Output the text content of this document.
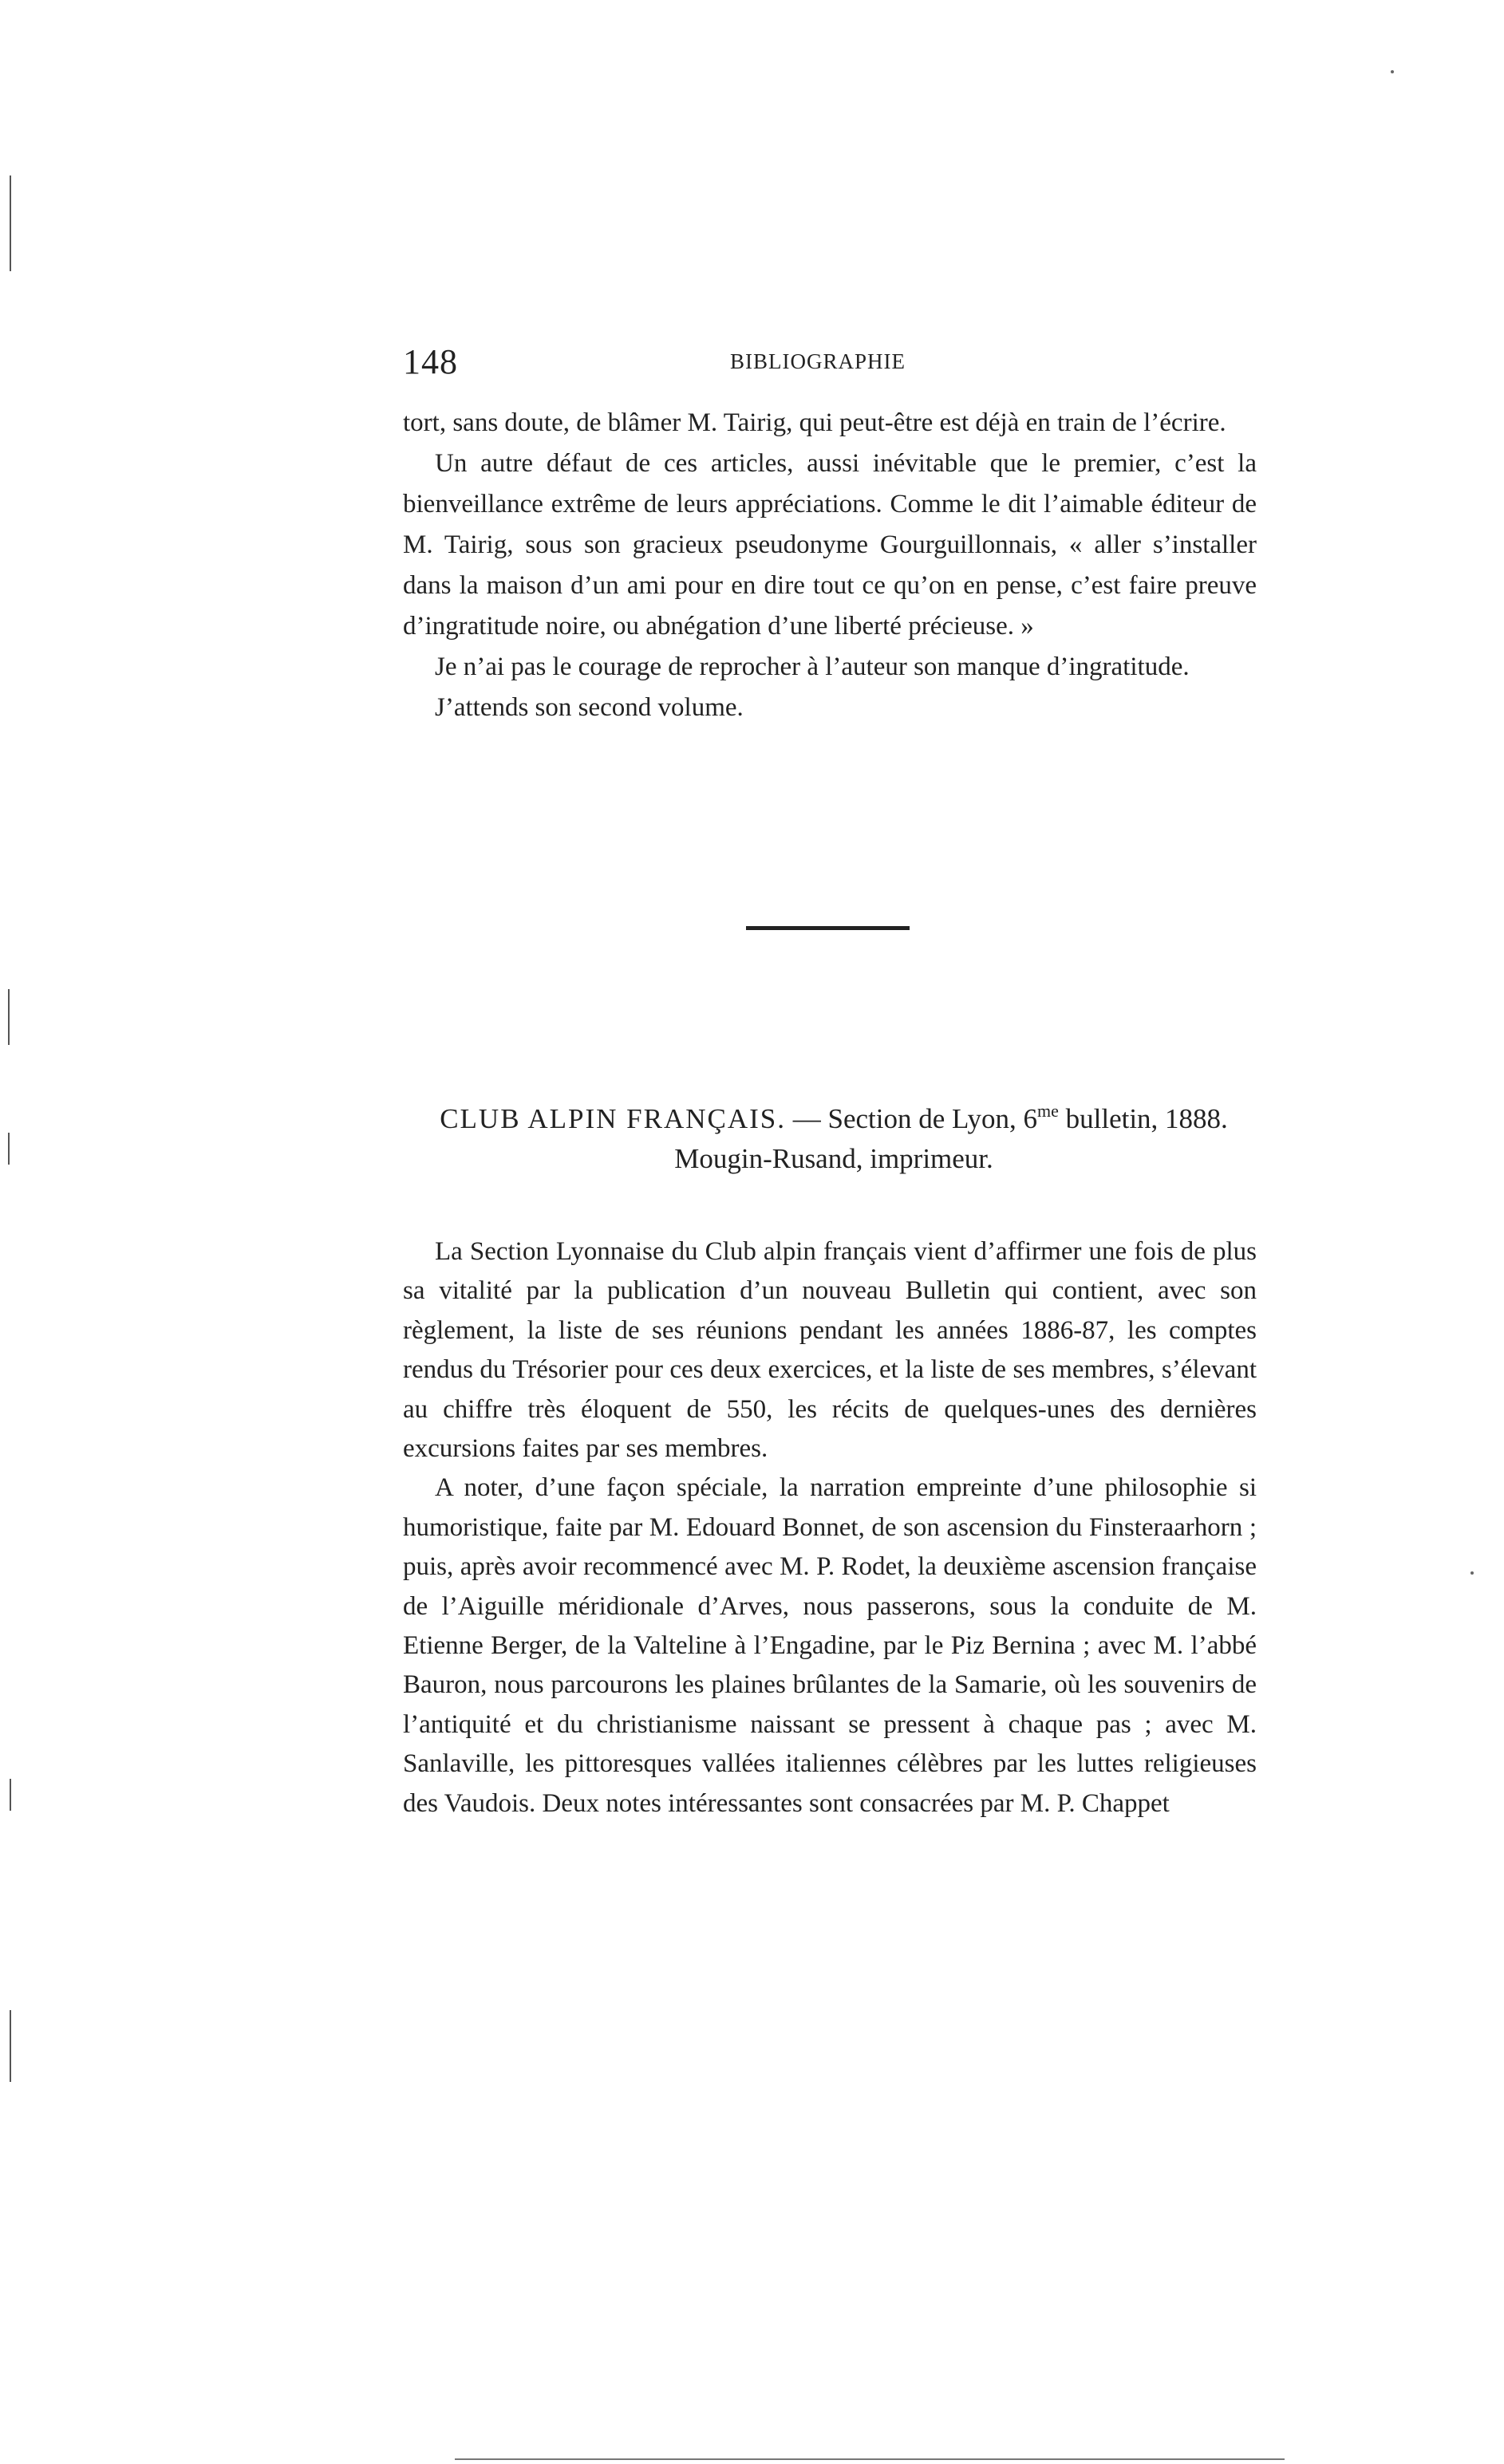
148	BIBLIOGRAPHIE

tort, sans doute, de blâmer M. Tairig, qui peut-être est déjà en train de l’écrire.

Un autre défaut de ces articles, aussi inévitable que le premier, c’est la bienveillance extrême de leurs appréciations. Comme le dit l’aimable éditeur de M. Tairig, sous son gracieux pseudonyme Gourguillonnais, « aller s’installer dans la maison d’un ami pour en dire tout ce qu’on en pense, c’est faire preuve d’ingratitude noire, ou abnégation d’une liberté précieuse. »

Je n’ai pas le courage de reprocher à l’auteur son manque d’ingratitude.

J’attends son second volume.

CLUB ALPIN FRANÇAIS. — Section de Lyon, $6^{me}$ bulletin, 1888.
Mougin-Rusand, imprimeur.

La Section Lyonnaise du Club alpin français vient d’affirmer une fois de plus sa vitalité par la publication d’un nouveau Bulletin qui contient, avec son règlement, la liste de ses réunions pendant les années 1886-87, les comptes rendus du Trésorier pour ces deux exercices, et la liste de ses membres, s’élevant au chiffre très éloquent de 550, les récits de quelques-unes des dernières excursions faites par ses membres.

A noter, d’une façon spéciale, la narration empreinte d’une philosophie si humoristique, faite par M. Edouard Bonnet, de son ascension du Finsteraarhorn ; puis, après avoir recommencé avec M. P. Rodet, la deuxième ascension française de l’Aiguille méridionale d’Arves, nous passerons, sous la conduite de M. Etienne Berger, de la Valteline à l’Engadine, par le Piz Bernina ; avec M. l’abbé Bauron, nous parcourons les plaines brûlantes de la Samarie, où les souvenirs de l’antiquité et du christianisme naissant se pressent à chaque pas ; avec M. Sanlaville, les pittoresques vallées italiennes célèbres par les luttes religieuses des Vaudois. Deux notes intéressantes sont consacrées par M. P. Chappet
